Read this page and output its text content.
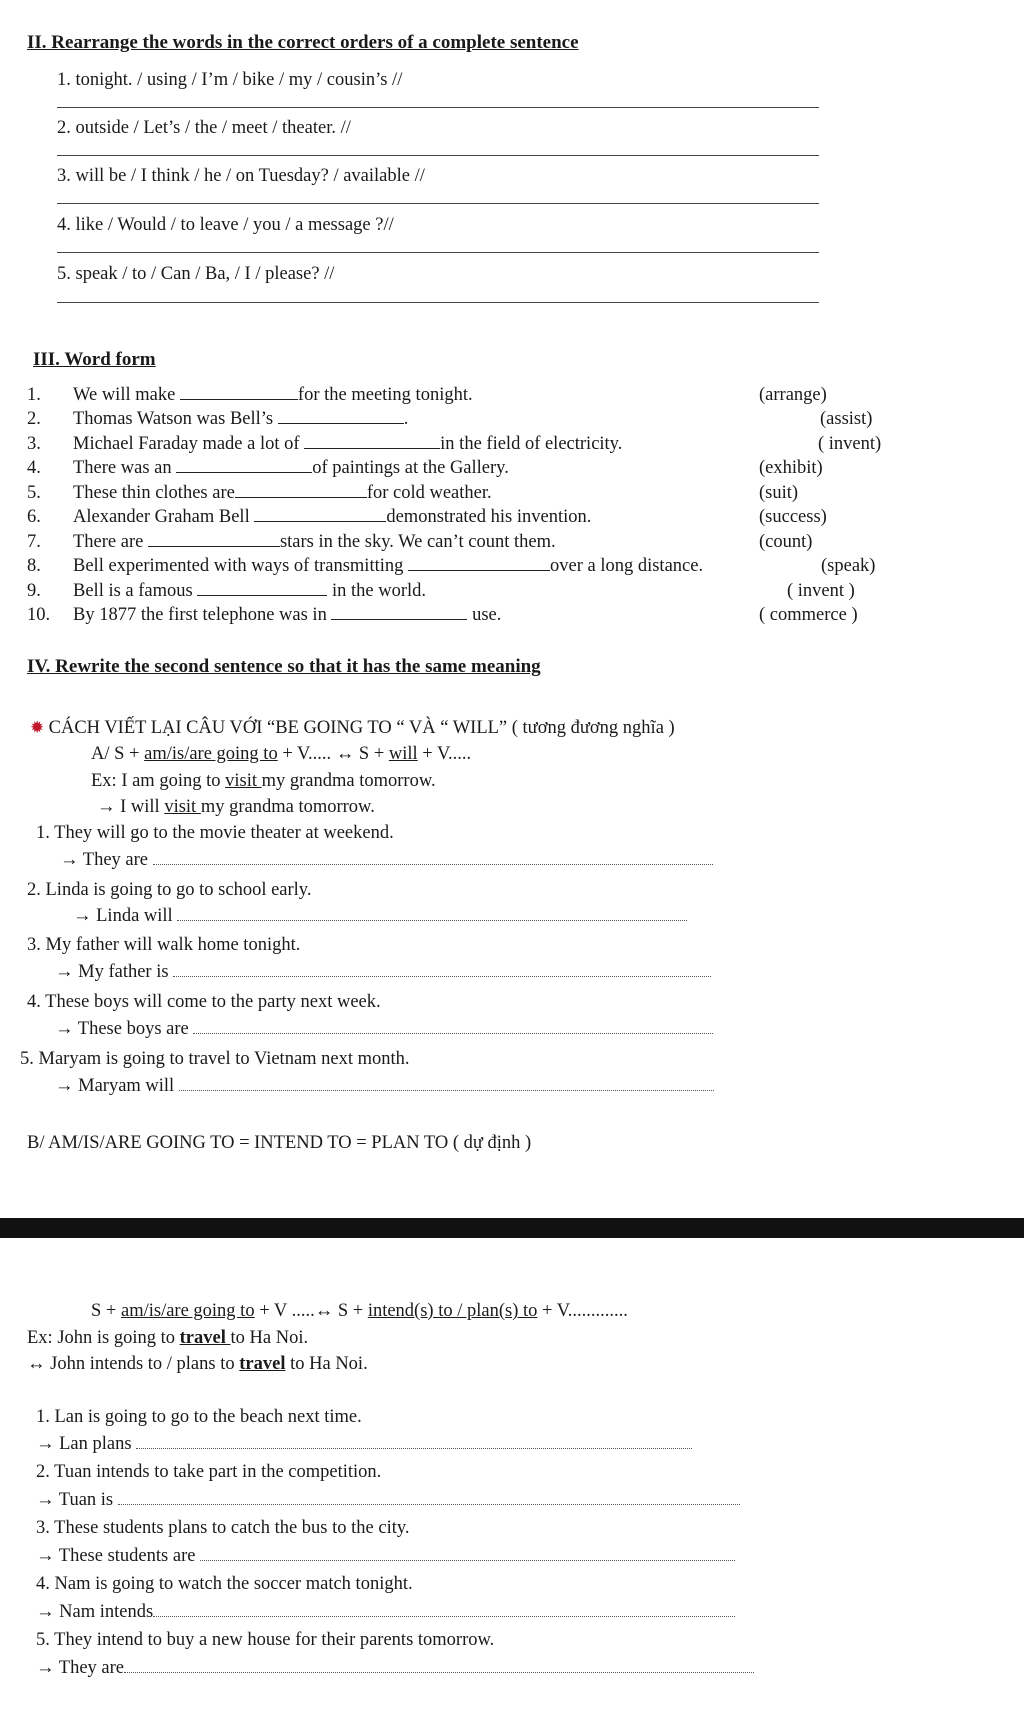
II. Rearrange the words in the correct orders of a complete sentence
1. tonight. / using / I’m / bike / my / cousin’s //
2. outside / Let’s / the / meet / theater. //
3. will be / I think / he / on Tuesday? / available //
4. like / Would / to leave / you / a message ?//
5. speak / to / Can / Ba, / I / please? //
III. Word form
1. We will make	for the meeting tonight.	(arrange)
2. Thomas Watson was Bell’s	.	(assist)
3. Michael Faraday made a lot of	in the field of electricity.	( invent)
4. There was an	of paintings at the Gallery.	(exhibit)
5. These thin clothes are	for cold weather.	(suit)
6. Alexander Graham Bell	demonstrated his invention.	(success)
7. There are	stars in the sky. We can’t count them.	(count)
8. Bell experimented with ways of transmitting	over a long distance.	(speak)
9. Bell is a famous	in the world.	( invent )
10. By 1877 the first telephone was in	use.	( commerce )
IV. Rewrite the second sentence so that it has the same meaning
✹ CÁCH VIẾT LẠI CÂU VỚI “BE GOING TO “ VÀ “ WILL” ( tương đương nghĩa )
A/ S + am/is/are going to + V..... ↔ S + will + V.....
Ex: I am going to visit my grandma tomorrow.
→ I will visit my grandma tomorrow.
1. They will go to the movie theater at weekend.
→ They are
2. Linda is going to go to school early.
→ Linda will
3. My father will walk home tonight.
→ My father is
4. These boys will come to the party next week.
→ These boys are
5. Maryam is going to travel to Vietnam next month.
→ Maryam will
B/ AM/IS/ARE GOING TO = INTEND TO = PLAN TO ( dự định )
S + am/is/are going to + V .....↔ S + intend(s) to / plan(s) to + V.............
Ex: John is going to travel to Ha Noi.
↔ John intends to / plans to travel to Ha Noi.
1. Lan is going to go to the beach next time.
→ Lan plans
2. Tuan intends to take part in the competition.
→ Tuan is
3. These students plans to catch the bus to the city.
→ These students are
4. Nam is going to watch the soccer match tonight.
→ Nam intends
5. They intend to buy a new house for their parents tomorrow.
→ They are
